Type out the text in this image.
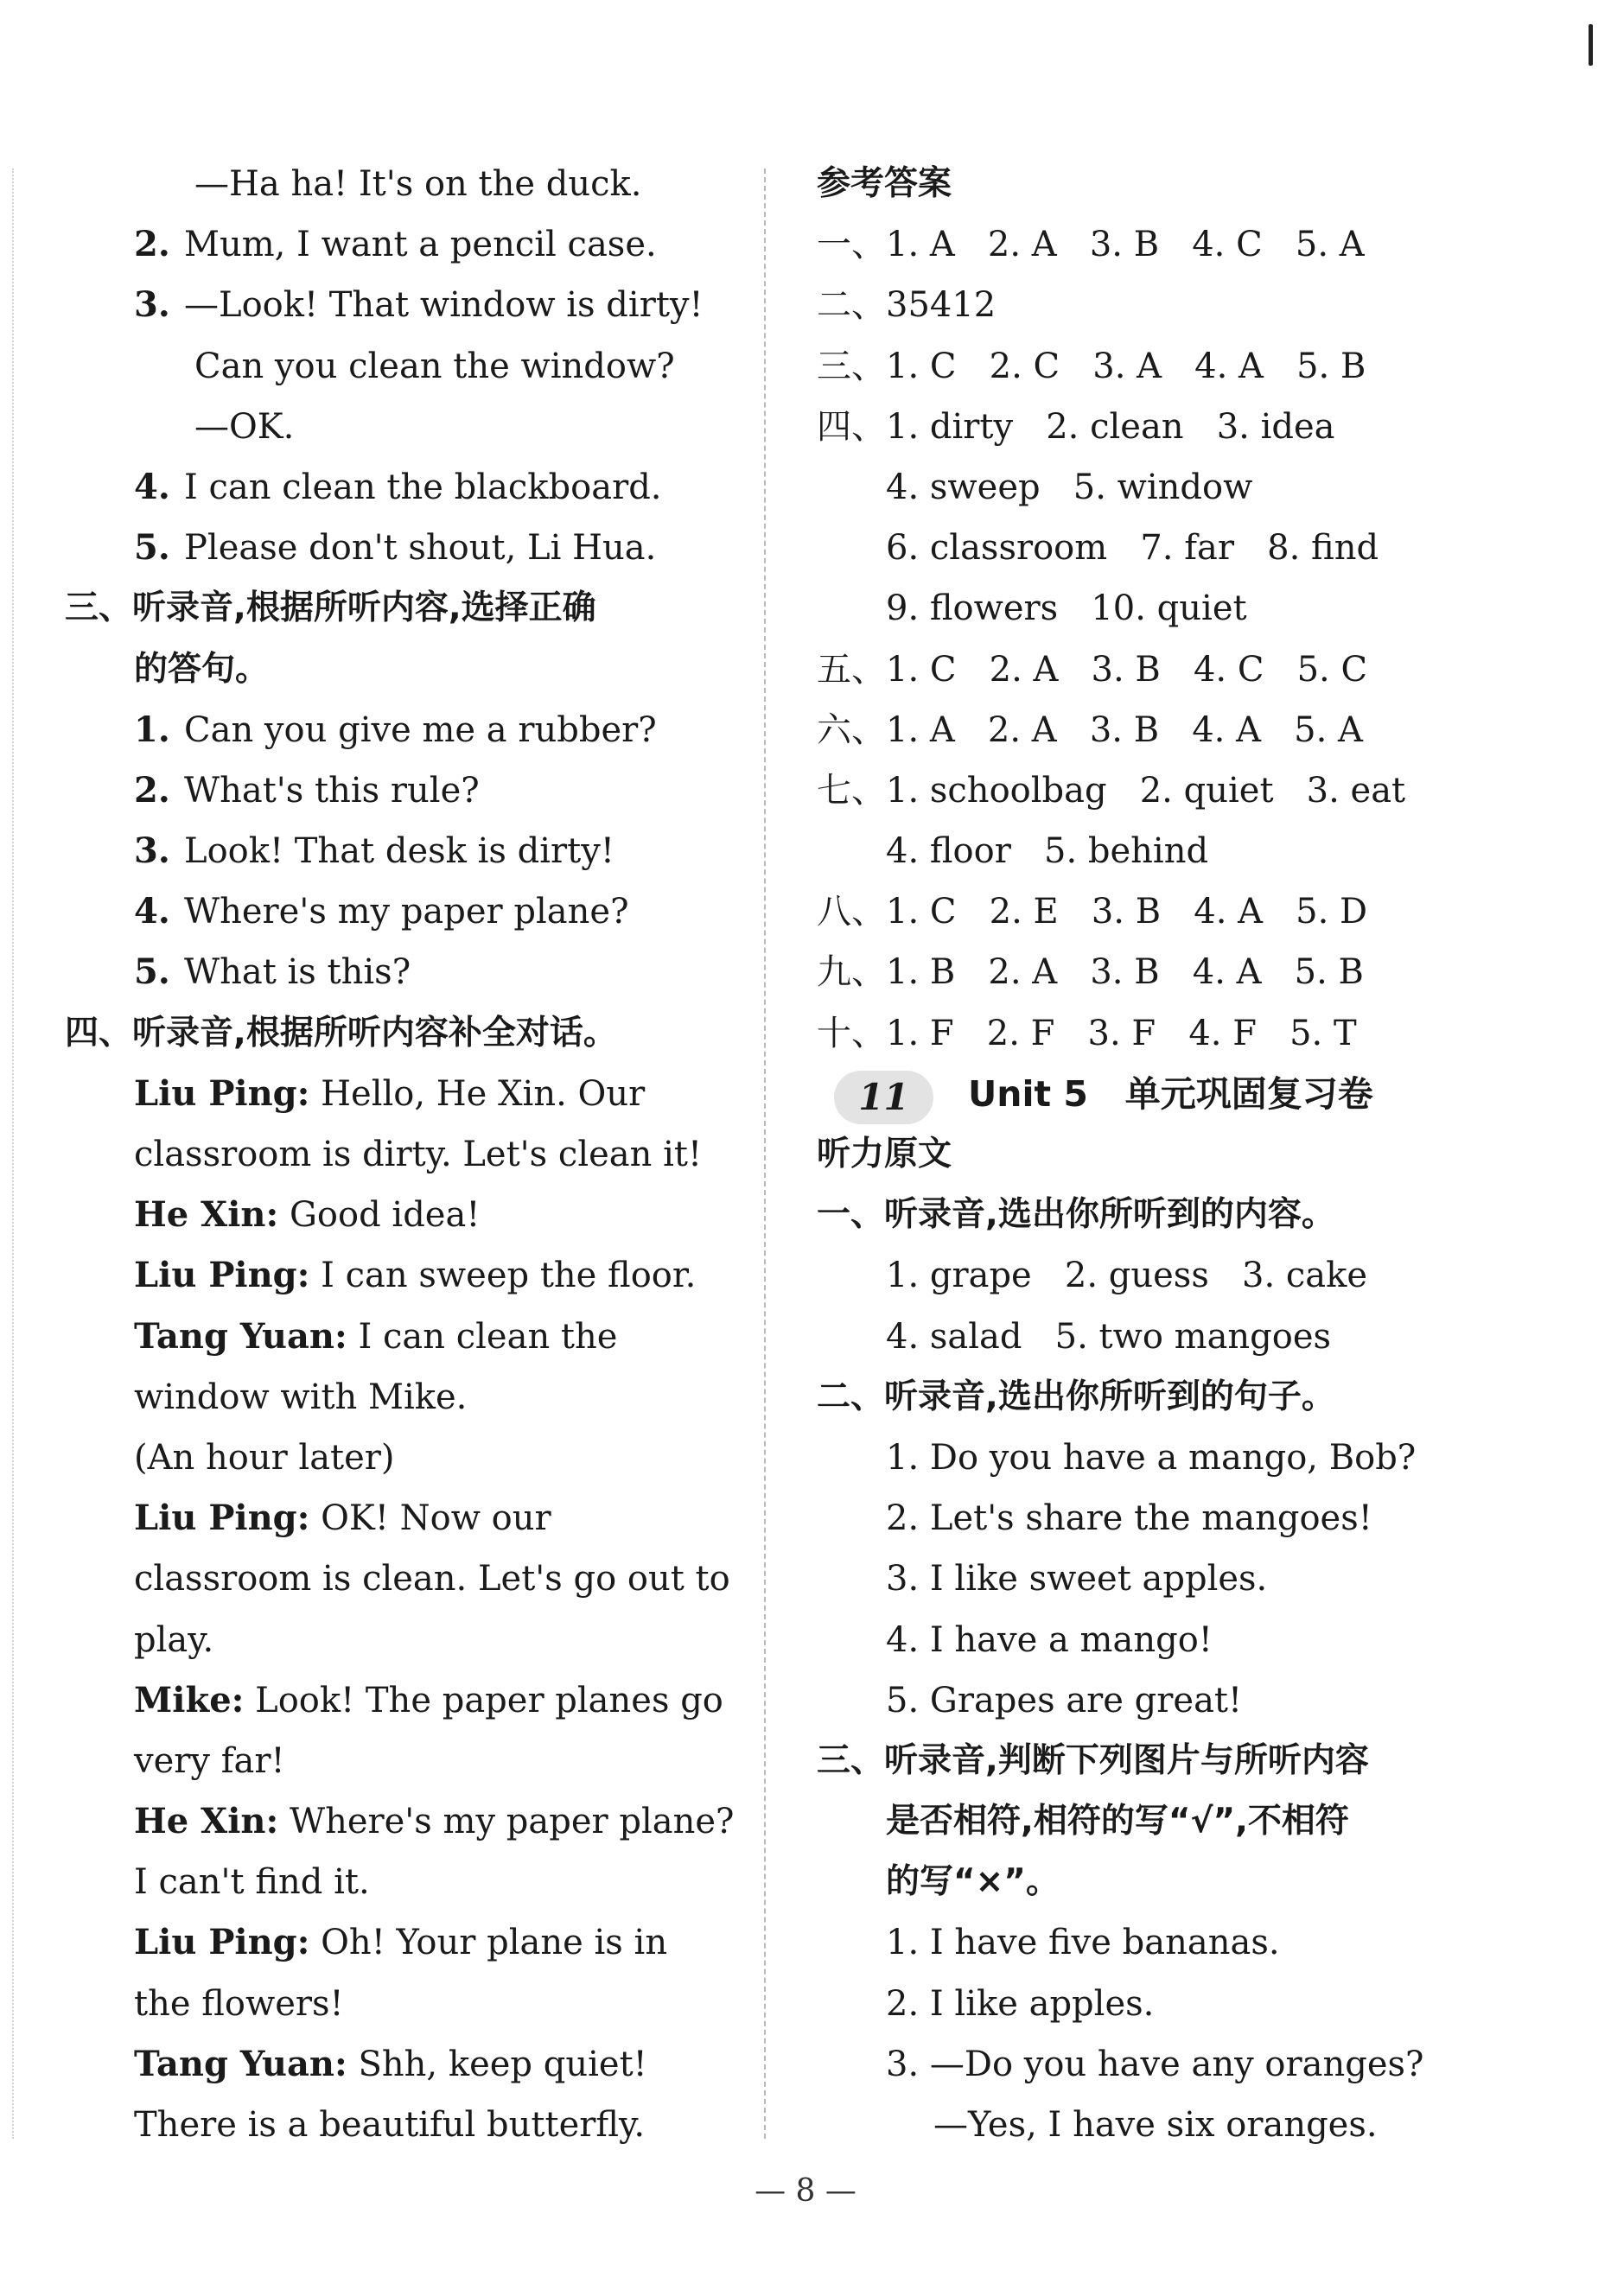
—Ha ha! It's on the duck.
2. Mum, I want a pencil case.
3. —Look! That window is dirty!
Can you clean the window?
—OK.
4. I can clean the blackboard.
5. Please don't shout, Li Hua.
三、听录音,根据所听内容,选择正确
的答句。
1. Can you give me a rubber?
2. What's this rule?
3. Look! That desk is dirty!
4. Where's my paper plane?
5. What is this?
四、听录音,根据所听内容补全对话。
Liu Ping: Hello, He Xin. Our
classroom is dirty. Let's clean it!
He Xin: Good idea!
Liu Ping: I can sweep the floor.
Tang Yuan: I can clean the
window with Mike.
(An hour later)
Liu Ping: OK! Now our
classroom is clean. Let's go out to
play.
Mike: Look! The paper planes go
very far!
He Xin: Where's my paper plane?
I can't find it.
Liu Ping: Oh! Your plane is in
the flowers!
Tang Yuan: Shh, keep quiet!
There is a beautiful butterfly.
参考答案
一、1. A   2. A   3. B   4. C   5. A
二、35412
三、1. C   2. C   3. A   4. A   5. B
四、1. dirty   2. clean   3. idea
4. sweep   5. window
6. classroom   7. far   8. find
9. flowers   10. quiet
五、1. C   2. A   3. B   4. C   5. C
六、1. A   2. A   3. B   4. A   5. A
七、1. schoolbag   2. quiet   3. eat
4. floor   5. behind
八、1. C   2. E   3. B   4. A   5. D
九、1. B   2. A   3. B   4. A   5. B
十、1. F   2. F   3. F   4. F   5. T
11 Unit 5   单元巩固复习卷
听力原文
一、听录音,选出你所听到的内容。
1. grape   2. guess   3. cake
4. salad   5. two mangoes
二、听录音,选出你所听到的句子。
1. Do you have a mango, Bob?
2. Let's share the mangoes!
3. I like sweet apples.
4. I have a mango!
5. Grapes are great!
三、听录音,判断下列图片与所听内容
是否相符,相符的写“√”,不相符
的写“×”。
1. I have five bananas.
2. I like apples.
3. —Do you have any oranges?
—Yes, I have six oranges.
— 8 —
